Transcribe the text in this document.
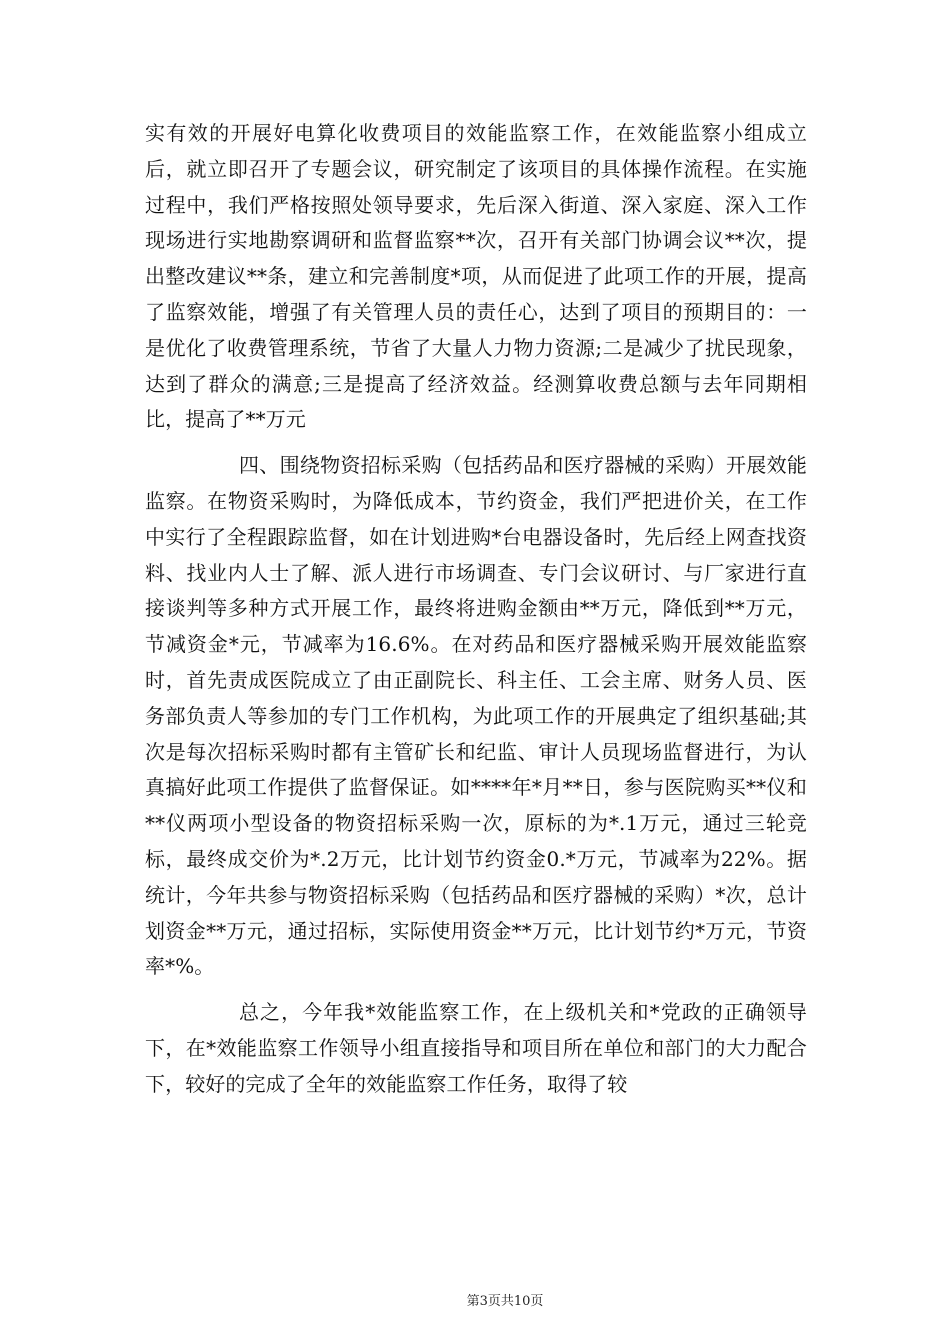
实有效的开展好电算化收费项目的效能监察工作，在效能监察小组成立后，就立即召开了专题会议，研究制定了该项目的具体操作流程。在实施过程中，我们严格按照处领导要求，先后深入街道、深入家庭、深入工作现场进行实地勘察调研和监督监察**次，召开有关部门协调会议**次，提出整改建议**条，建立和完善制度*项，从而促进了此项工作的开展，提高了监察效能，增强了有关管理人员的责任心，达到了项目的预期目的：一是优化了收费管理系统，节省了大量人力物力资源;二是减少了扰民现象，达到了群众的满意;三是提高了经济效益。经测算收费总额与去年同期相比，提高了**万元

四、围绕物资招标采购（包括药品和医疗器械的采购）开展效能监察。在物资采购时，为降低成本，节约资金，我们严把进价关，在工作中实行了全程跟踪监督，如在计划进购*台电器设备时，先后经上网查找资料、找业内人士了解、派人进行市场调查、专门会议研讨、与厂家进行直接谈判等多种方式开展工作，最终将进购金额由**万元，降低到**万元，节减资金*元，节减率为16.6%。在对药品和医疗器械采购开展效能监察时，首先责成医院成立了由正副院长、科主任、工会主席、财务人员、医务部负责人等参加的专门工作机构，为此项工作的开展典定了组织基础;其次是每次招标采购时都有主管矿长和纪监、审计人员现场监督进行，为认真搞好此项工作提供了监督保证。如****年*月**日，参与医院购买**仪和**仪两项小型设备的物资招标采购一次，原标的为*.1万元，通过三轮竞标，最终成交价为*.2万元，比计划节约资金0.*万元，节减率为22%。据统计，今年共参与物资招标采购（包括药品和医疗器械的采购）*次，总计划资金**万元，通过招标，实际使用资金**万元，比计划节约*万元，节资率*%。

总之，今年我*效能监察工作，在上级机关和*党政的正确领导下，在*效能监察工作领导小组直接指导和项目所在单位和部门的大力配合下，较好的完成了全年的效能监察工作任务，取得了较

第3页共10页
